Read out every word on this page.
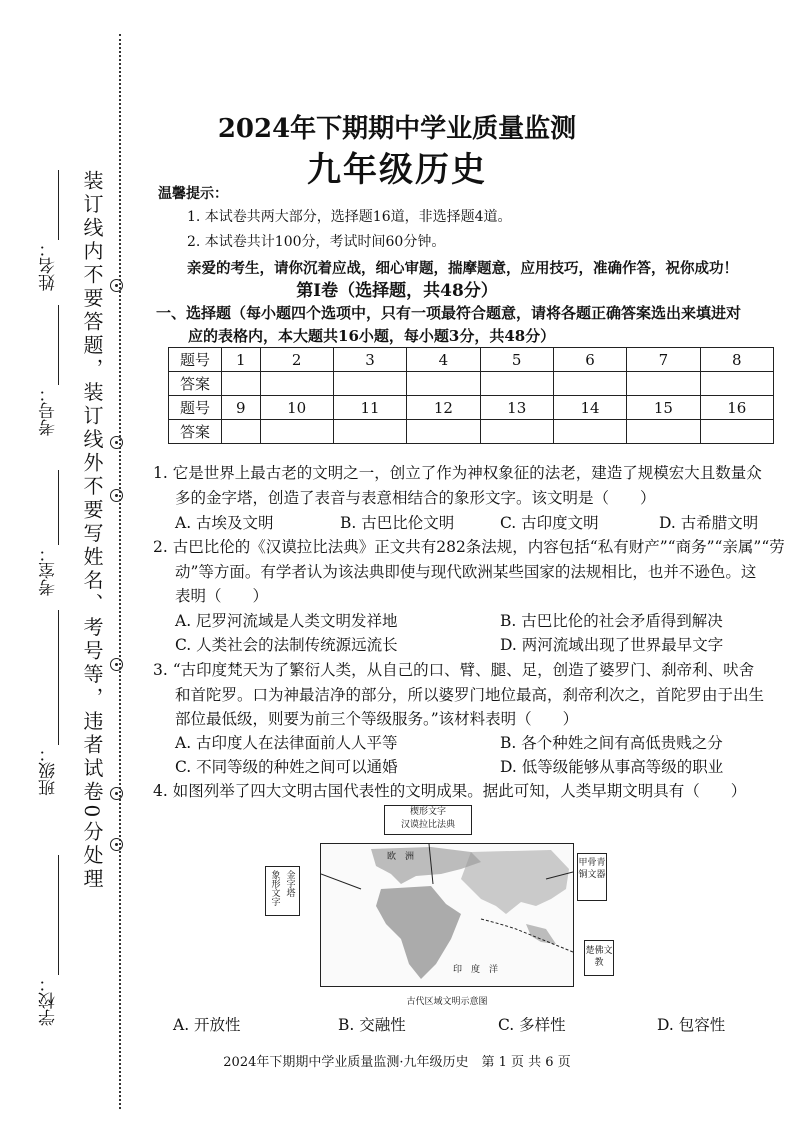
装订线内不要答题，装订线外不要写姓名、考号等，违者试卷0分处理
姓名：
考号：
考室：
班级：
学校：
2024年下期期中学业质量监测
九年级历史
温馨提示：
1. 本试卷共两大部分，选择题16道，非选择题4道。
2. 本试卷共计100分，考试时间60分钟。
亲爱的考生，请你沉着应战，细心审题，揣摩题意，应用技巧，准确作答，祝你成功！
第Ⅰ卷（选择题，共48分）
一、选择题（每小题四个选项中，只有一项最符合题意，请将各题正确答案选出来填进对
应的表格内，本大题共16小题，每小题3分，共48分）
题号	1	2	3	4	5	6	7	8
答案								
题号	9	10	11	12	13	14	15	16
答案								
1. 它是世界上最古老的文明之一，创立了作为神权象征的法老，建造了规模宏大且数量众
多的金字塔，创造了表音与表意相结合的象形文字。该文明是（　　）
A. 古埃及文明	B. 古巴比伦文明	C. 古印度文明	D. 古希腊文明
2. 古巴比伦的《汉谟拉比法典》正文共有282条法规，内容包括“私有财产”“商务”“亲属”“劳
动”等方面。有学者认为该法典即使与现代欧洲某些国家的法规相比，也并不逊色。这
表明（　　）
A. 尼罗河流域是人类文明发祥地	B. 古巴比伦的社会矛盾得到解决
C. 人类社会的法制传统源远流长	D. 两河流域出现了世界最早文字
3. “古印度梵天为了繁衍人类，从自己的口、臂、腿、足，创造了婆罗门、刹帝利、吠舍
和首陀罗。口为神最洁净的部分，所以婆罗门地位最高，刹帝利次之，首陀罗由于出生
部位最低级，则要为前三个等级服务。”该材料表明（　　）
A. 古印度人在法律面前人人平等	B. 各个种姓之间有高低贵贱之分
C. 不同等级的种姓之间可以通婚	D. 低等级能够从事高等级的职业
4. 如图列举了四大文明古国代表性的文明成果。据此可知，人类早期文明具有（　　）
楔形文字
汉谟拉比法典
象形文字 金字塔
甲骨青铜文器
楚佛文教
欧　洲
印　度　洋
古代区域文明示意图
A. 开放性	B. 交融性	C. 多样性	D. 包容性
2024年下期期中学业质量监测·九年级历史　第 1 页 共 6 页
